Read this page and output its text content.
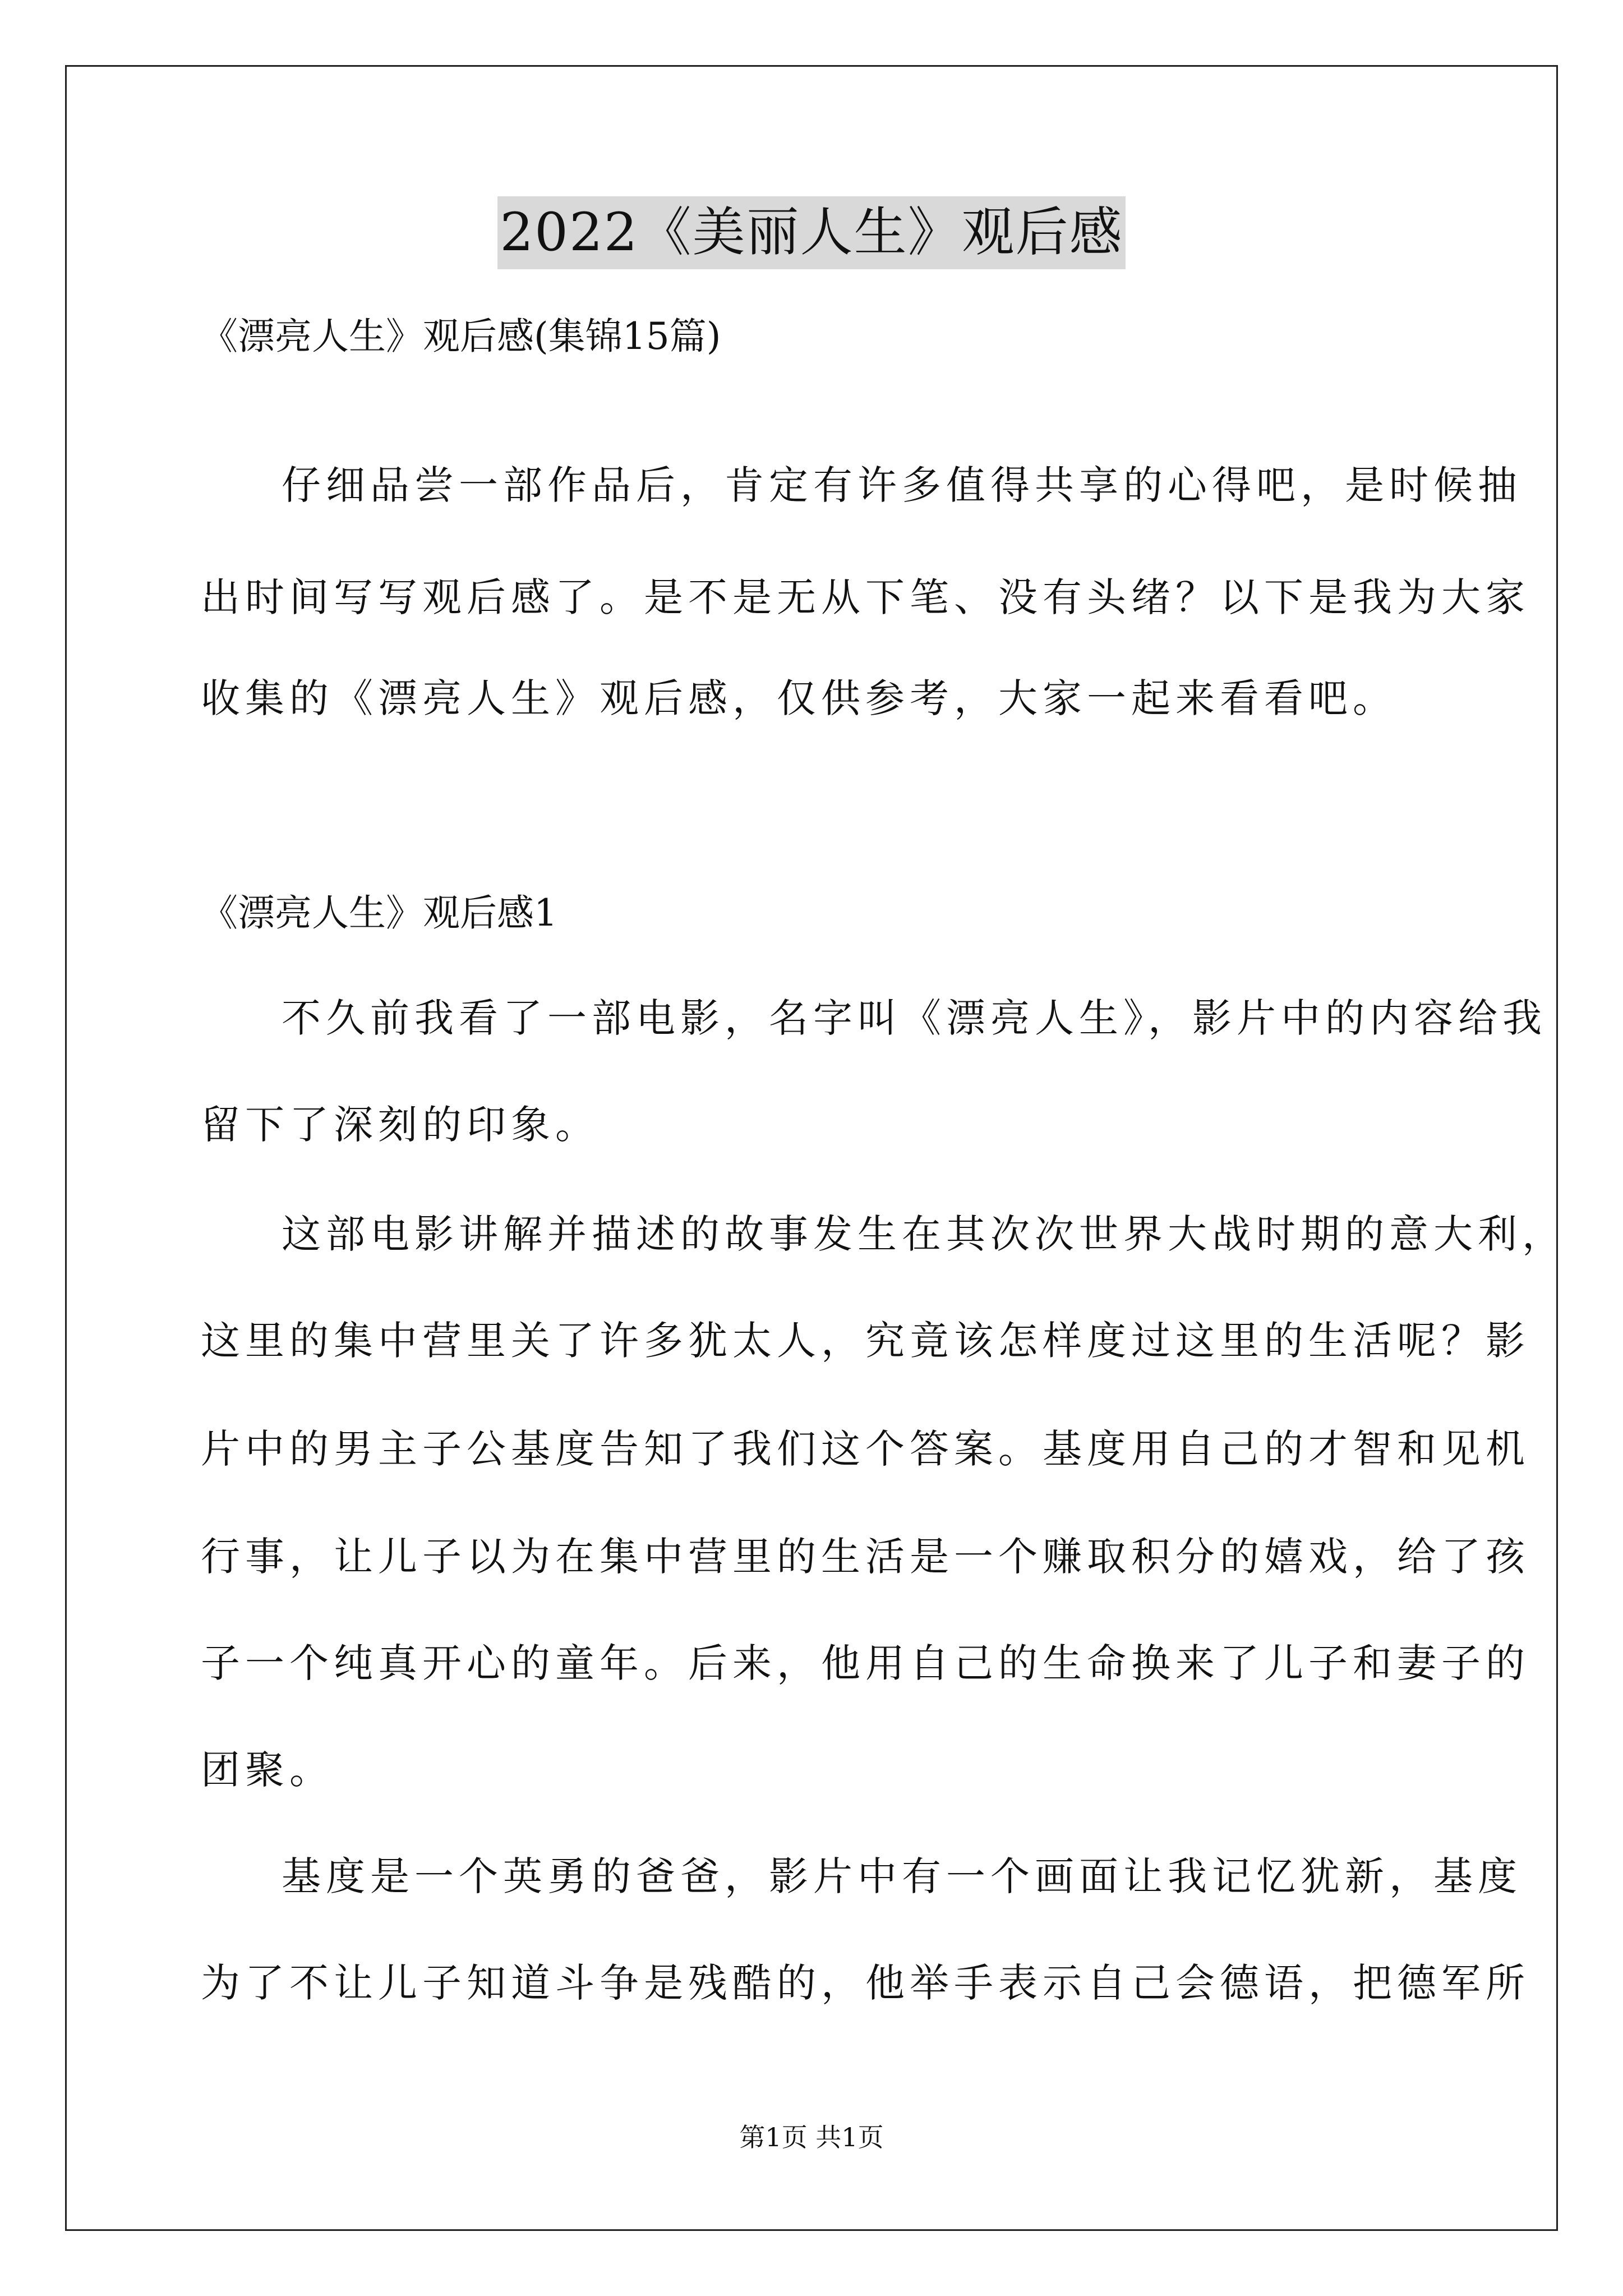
2022《美丽人生》观后感
《漂亮人生》观后感(集锦15篇)
仔细品尝一部作品后，肯定有许多值得共享的心得吧，是时候抽
出时间写写观后感了。是不是无从下笔、没有头绪？以下是我为大家
收集的《漂亮人生》观后感，仅供参考，大家一起来看看吧。
《漂亮人生》观后感1
不久前我看了一部电影，名字叫《漂亮人生》，影片中的内容给我
留下了深刻的印象。
这部电影讲解并描述的故事发生在其次次世界大战时期的意大利，
这里的集中营里关了许多犹太人，究竟该怎样度过这里的生活呢？影
片中的男主子公基度告知了我们这个答案。基度用自己的才智和见机
行事，让儿子以为在集中营里的生活是一个赚取积分的嬉戏，给了孩
子一个纯真开心的童年。后来，他用自己的生命换来了儿子和妻子的
团聚。
基度是一个英勇的爸爸，影片中有一个画面让我记忆犹新，基度
为了不让儿子知道斗争是残酷的，他举手表示自己会德语，把德军所
第1页 共1页
